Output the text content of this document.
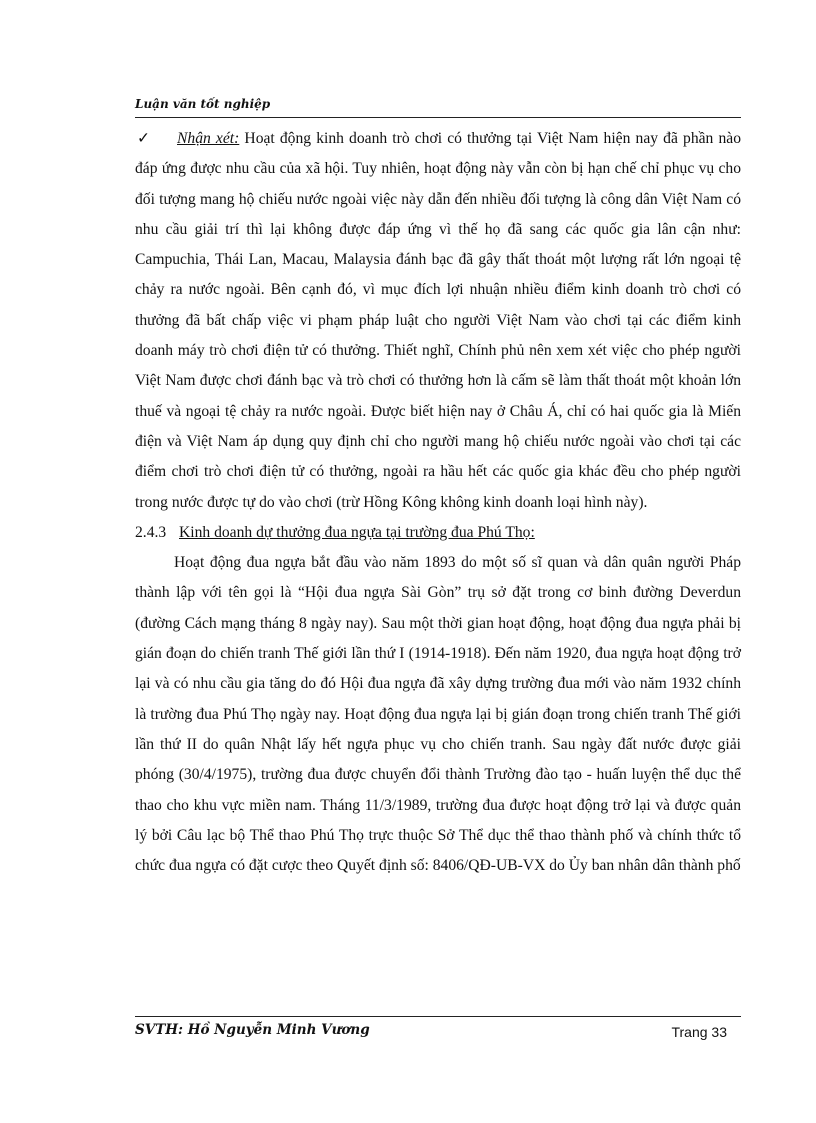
Luận văn tốt nghiệp

✓ Nhận xét: Hoạt động kinh doanh trò chơi có thưởng tại Việt Nam hiện nay đã phần nào đáp ứng được nhu cầu của xã hội. Tuy nhiên, hoạt động này vẫn còn bị hạn chế chỉ phục vụ cho đối tượng mang hộ chiếu nước ngoài việc này dẫn đến nhiều đối tượng là công dân Việt Nam có nhu cầu giải trí thì lại không được đáp ứng vì thế họ đã sang các quốc gia lân cận như: Campuchia, Thái Lan, Macau, Malaysia đánh bạc đã gây thất thoát một lượng rất lớn ngoại tệ chảy ra nước ngoài. Bên cạnh đó, vì mục đích lợi nhuận nhiều điểm kinh doanh trò chơi có thưởng đã bất chấp việc vi phạm pháp luật cho người Việt Nam vào chơi tại các điểm kinh doanh máy trò chơi điện tử có thưởng. Thiết nghĩ, Chính phủ nên xem xét việc cho phép người Việt Nam được chơi đánh bạc và trò chơi có thưởng hơn là cấm sẽ làm thất thoát một khoản lớn thuế và ngoại tệ chảy ra nước ngoài. Được biết hiện nay ở Châu Á, chỉ có hai quốc gia là Miến điện và Việt Nam áp dụng quy định chỉ cho người mang hộ chiếu nước ngoài vào chơi tại các điểm chơi trò chơi điện tử có thưởng, ngoài ra hầu hết các quốc gia khác đều cho phép người trong nước được tự do vào chơi (trừ Hồng Kông không kinh doanh loại hình này).

2.4.3 Kinh doanh dự thưởng đua ngựa tại trường đua Phú Thọ:

Hoạt động đua ngựa bắt đầu vào năm 1893 do một số sĩ quan và dân quân người Pháp thành lập với tên gọi là “Hội đua ngựa Sài Gòn” trụ sở đặt trong cơ binh đường Deverdun (đường Cách mạng tháng 8 ngày nay). Sau một thời gian hoạt động, hoạt động đua ngựa phải bị gián đoạn do chiến tranh Thế giới lần thứ I (1914-1918). Đến năm 1920, đua ngựa hoạt động trở lại và có nhu cầu gia tăng do đó Hội đua ngựa đã xây dựng trường đua mới vào năm 1932 chính là trường đua Phú Thọ ngày nay. Hoạt động đua ngựa lại bị gián đoạn trong chiến tranh Thế giới lần thứ II do quân Nhật lấy hết ngựa phục vụ cho chiến tranh. Sau ngày đất nước được giải phóng (30/4/1975), trường đua được chuyển đổi thành Trường đào tạo - huấn luyện thể dục thể thao cho khu vực miền nam. Tháng 11/3/1989, trường đua được hoạt động trở lại và được quản lý bởi Câu lạc bộ Thể thao Phú Thọ trực thuộc Sở Thể dục thể thao thành phố và chính thức tổ chức đua ngựa có đặt cược theo Quyết định số: 8406/QĐ-UB-VX do Ủy ban nhân dân thành phố

SVTH: Hồ Nguyễn Minh Vương	Trang 33
